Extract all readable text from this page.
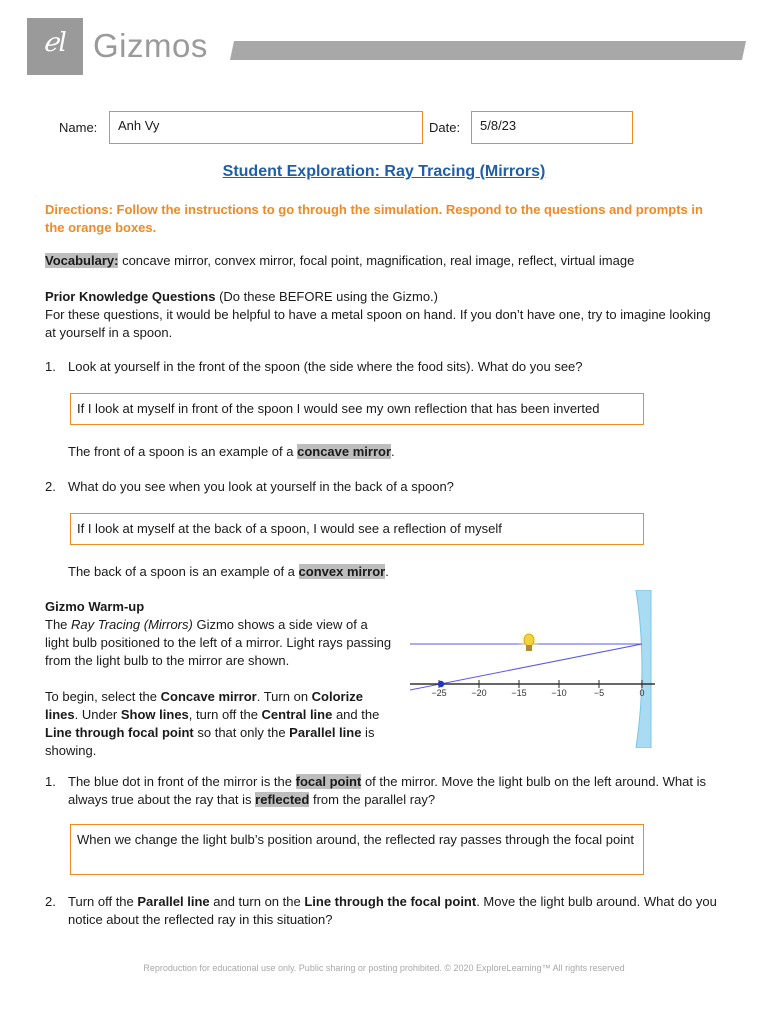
ℯl Gizmos
Name:	Anh Vy	Date:	5/8/23
Student Exploration: Ray Tracing (Mirrors)
Directions: Follow the instructions to go through the simulation. Respond to the questions and prompts in the orange boxes.
Vocabulary: concave mirror, convex mirror, focal point, magnification, real image, reflect, virtual image
Prior Knowledge Questions (Do these BEFORE using the Gizmo.)
For these questions, it would be helpful to have a metal spoon on hand. If you don’t have one, try to imagine looking at yourself in a spoon.
1. Look at yourself in the front of the spoon (the side where the food sits). What do you see?
If I look at myself in front of the spoon I would see my own reflection that has been inverted
The front of a spoon is an example of a concave mirror.
2. What do you see when you look at yourself in the back of a spoon?
If I look at myself at the back of a spoon, I would see a reflection of myself
The back of a spoon is an example of a convex mirror.
Gizmo Warm-up
The Ray Tracing (Mirrors) Gizmo shows a side view of a light bulb positioned to the left of a mirror. Light rays passing from the light bulb to the mirror are shown.
To begin, select the Concave mirror. Turn on Colorize lines. Under Show lines, turn off the Central line and the Line through focal point so that only the Parallel line is showing.
−25	−20	−15	−10	−5	0
1. The blue dot in front of the mirror is the focal point of the mirror. Move the light bulb on the left around. What is always true about the ray that is reflected from the parallel ray?
When we change the light bulb’s position around, the reflected ray passes through the focal point
2. Turn off the Parallel line and turn on the Line through the focal point. Move the light bulb around. What do you notice about the reflected ray in this situation?
Reproduction for educational use only. Public sharing or posting prohibited. © 2020 ExploreLearning™ All rights reserved
